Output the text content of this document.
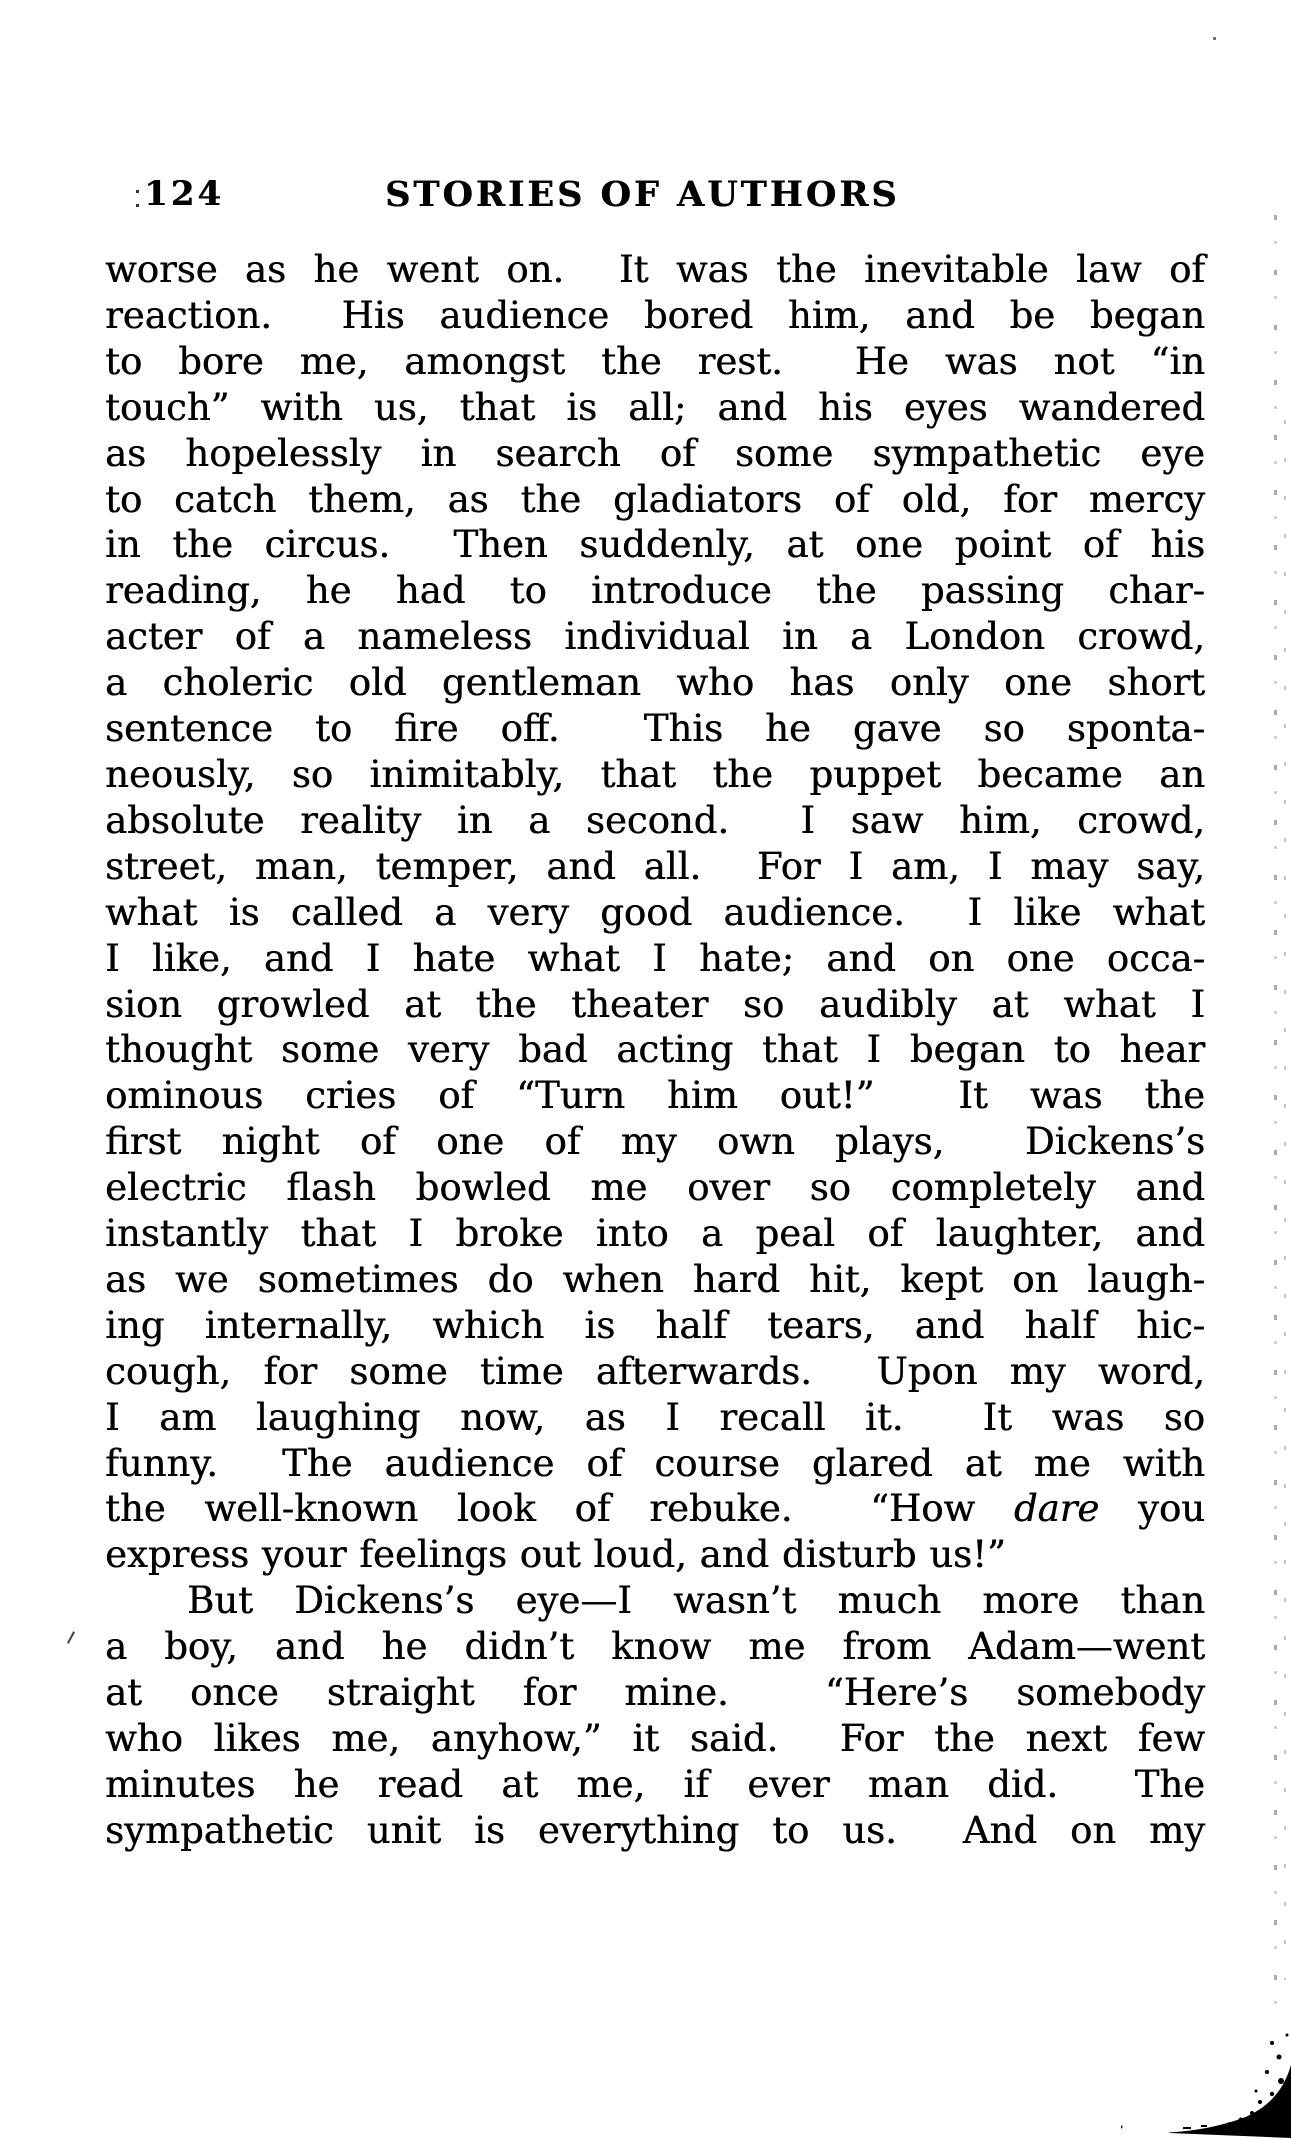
124	STORIES OF AUTHORS
worse as he went on.  It was the inevitable law of
reaction.  His audience bored him, and be began
to bore me, amongst the rest.  He was not “in
touch” with us, that is all; and his eyes wandered
as hopelessly in search of some sympathetic eye
to catch them, as the gladiators of old, for mercy
in the circus.  Then suddenly, at one point of his
reading, he had to introduce the passing char-
acter of a nameless individual in a London crowd,
a choleric old gentleman who has only one short
sentence to fire off.  This he gave so sponta-
neously, so inimitably, that the puppet became an
absolute reality in a second.  I saw him, crowd,
street, man, temper, and all.  For I am, I may say,
what is called a very good audience.  I like what
I like, and I hate what I hate; and on one occa-
sion growled at the theater so audibly at what I
thought some very bad acting that I began to hear
ominous cries of “Turn him out!”  It was the
first night of one of my own plays,  Dickens’s
electric flash bowled me over so completely and
instantly that I broke into a peal of laughter, and
as we sometimes do when hard hit, kept on laugh-
ing internally, which is half tears, and half hic-
cough, for some time afterwards.  Upon my word,
I am laughing now, as I recall it.  It was so
funny.  The audience of course glared at me with
the well-known look of rebuke.  “How dare you
express your feelings out loud, and disturb us!”
But Dickens’s eye—I wasn’t much more than
a boy, and he didn’t know me from Adam—went
at once straight for mine.  “Here’s somebody
who likes me, anyhow,” it said.  For the next few
minutes he read at me, if ever man did.  The
sympathetic unit is everything to us.  And on my
